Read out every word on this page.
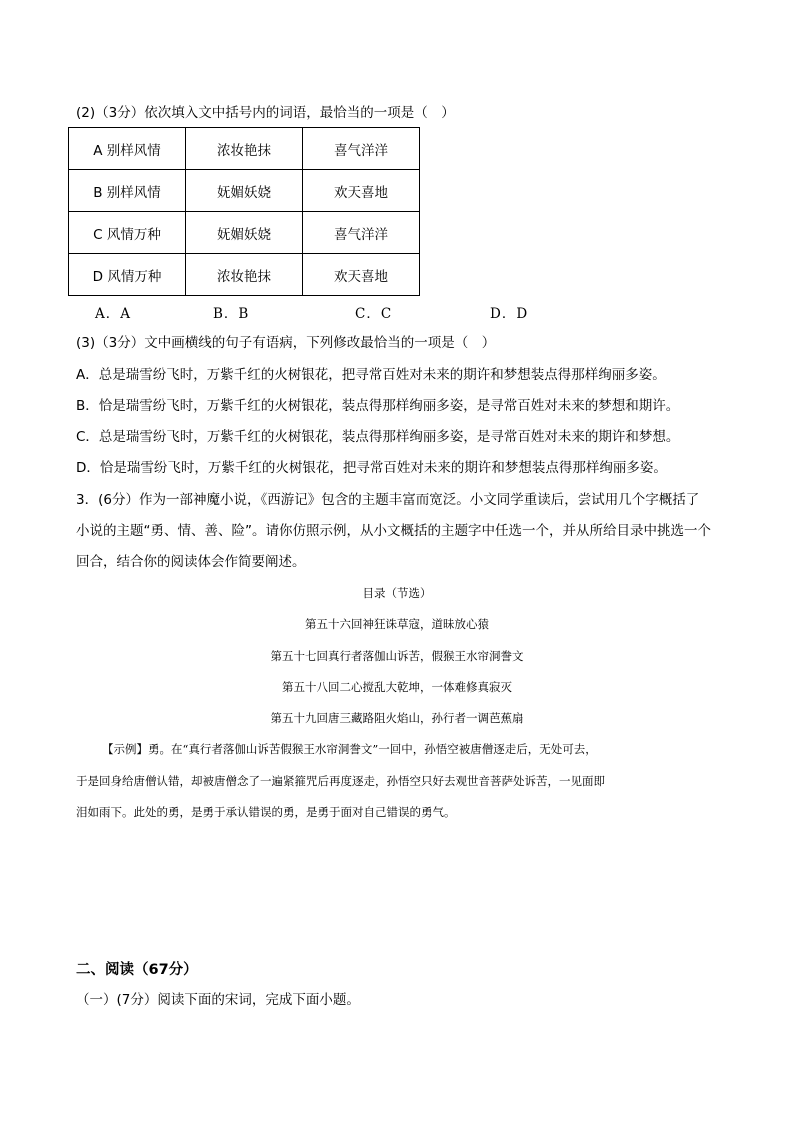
(2)（3分）依次填入文中括号内的词语，最恰当的一项是（　）
A 别样风情	浓妆艳抹	喜气洋洋
B 别样风情	妩媚妖娆	欢天喜地
C 风情万种	妩媚妖娆	喜气洋洋
D 风情万种	浓妆艳抹	欢天喜地
A．A	B．B	C．C	D．D
(3)（3分）文中画横线的句子有语病，下列修改最恰当的一项是（　）
A．总是瑞雪纷飞时，万紫千红的火树银花，把寻常百姓对未来的期许和梦想装点得那样绚丽多姿。
B．恰是瑞雪纷飞时，万紫千红的火树银花，装点得那样绚丽多姿，是寻常百姓对未来的梦想和期许。
C．总是瑞雪纷飞时，万紫千红的火树银花，装点得那样绚丽多姿，是寻常百姓对未来的期许和梦想。
D．恰是瑞雪纷飞时，万紫千红的火树银花，把寻常百姓对未来的期许和梦想装点得那样绚丽多姿。
3．(6分）作为一部神魔小说，《西游记》包含的主题丰富而宽泛。小文同学重读后，尝试用几个字概括了
小说的主题“勇、情、善、险”。请你仿照示例，从小文概括的主题字中任选一个，并从所给目录中挑选一个
回合，结合你的阅读体会作简要阐述。
目录（节选）
第五十六回神狂诛草寇，道昧放心猿
第五十七回真行者落伽山诉苦，假猴王水帘洞誊文
第五十八回二心搅乱大乾坤，一体难修真寂灭
第五十九回唐三藏路阻火焰山，孙行者一调芭蕉扇
【示例】勇。在“真行者落伽山诉苦假猴王水帘洞誊文”一回中，孙悟空被唐僧逐走后，无处可去，
于是回身给唐僧认错，却被唐僧念了一遍紧箍咒后再度逐走，孙悟空只好去观世音菩萨处诉苦，一见面即
泪如雨下。此处的勇，是勇于承认错误的勇，是勇于面对自己错误的勇气。
二、阅读（67分）
（一）(7分）阅读下面的宋词，完成下面小题。
